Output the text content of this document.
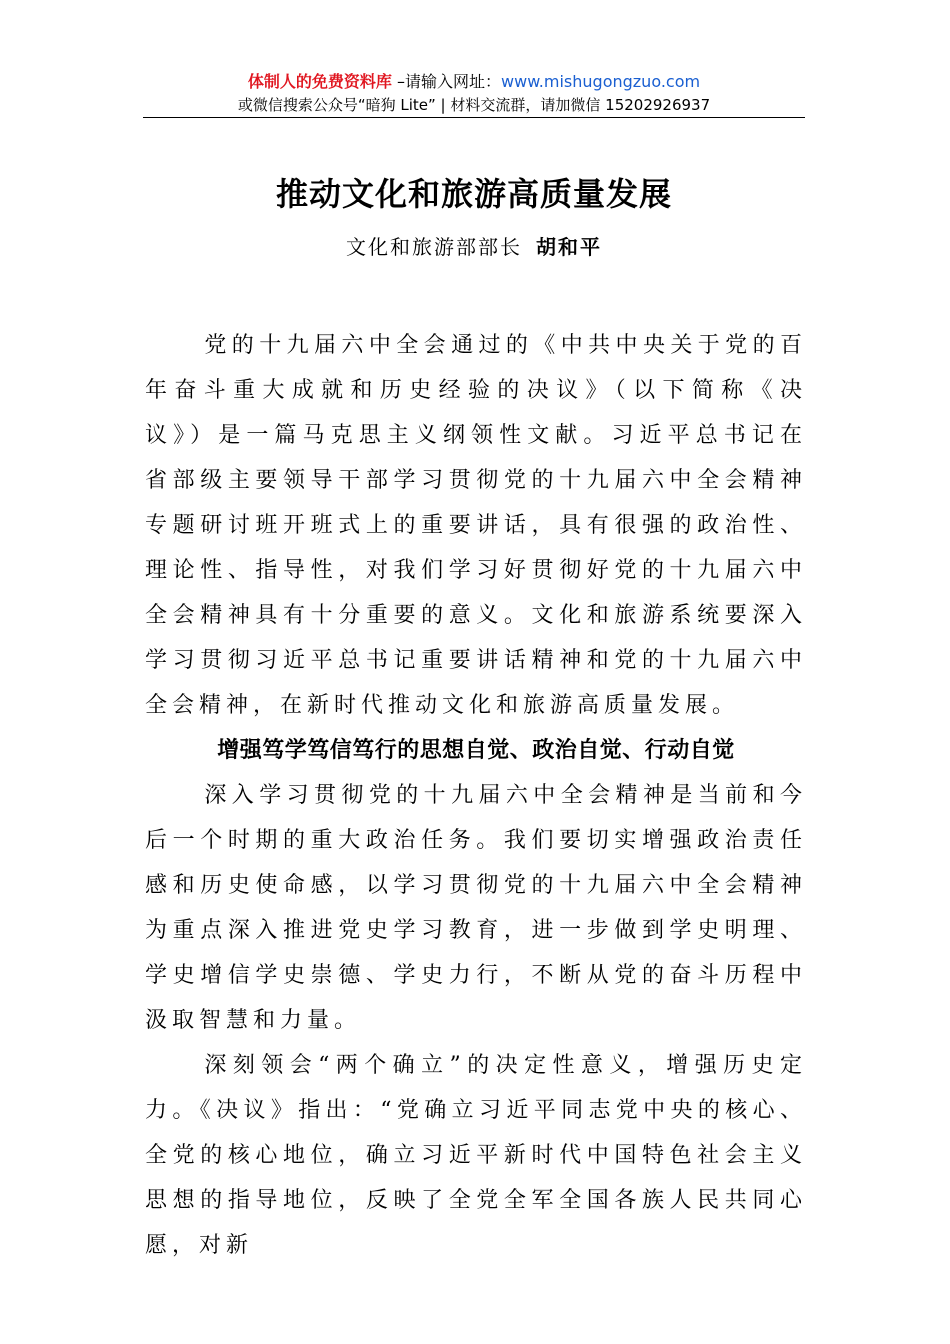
体制人的免费资料库 –请输入网址：www.mishugongzuo.com
或微信搜索公众号“暗狗 Lite” | 材料交流群，请加微信 15202926937
推动文化和旅游高质量发展
文化和旅游部部长 胡和平

党的十九届六中全会通过的《中共中央关于党的百年奋斗重大成就和历史经验的决议》（以下简称《决议》）是一篇马克思主义纲领性文献。习近平总书记在省部级主要领导干部学习贯彻党的十九届六中全会精神专题研讨班开班式上的重要讲话，具有很强的政治性、理论性、指导性，对我们学习好贯彻好党的十九届六中全会精神具有十分重要的意义。文化和旅游系统要深入学习贯彻习近平总书记重要讲话精神和党的十九届六中全会精神，在新时代推动文化和旅游高质量发展。

增强笃学笃信笃行的思想自觉、政治自觉、行动自觉

深入学习贯彻党的十九届六中全会精神是当前和今后一个时期的重大政治任务。我们要切实增强政治责任感和历史使命感，以学习贯彻党的十九届六中全会精神为重点深入推进党史学习教育，进一步做到学史明理、学史增信学史崇德、学史力行，不断从党的奋斗历程中汲取智慧和力量。

深刻领会“两个确立”的决定性意义，增强历史定力。《决议》指出：“党确立习近平同志党中央的核心、全党的核心地位，确立习近平新时代中国特色社会主义思想的指导地位，反映了全党全军全国各族人民共同心愿，对新
